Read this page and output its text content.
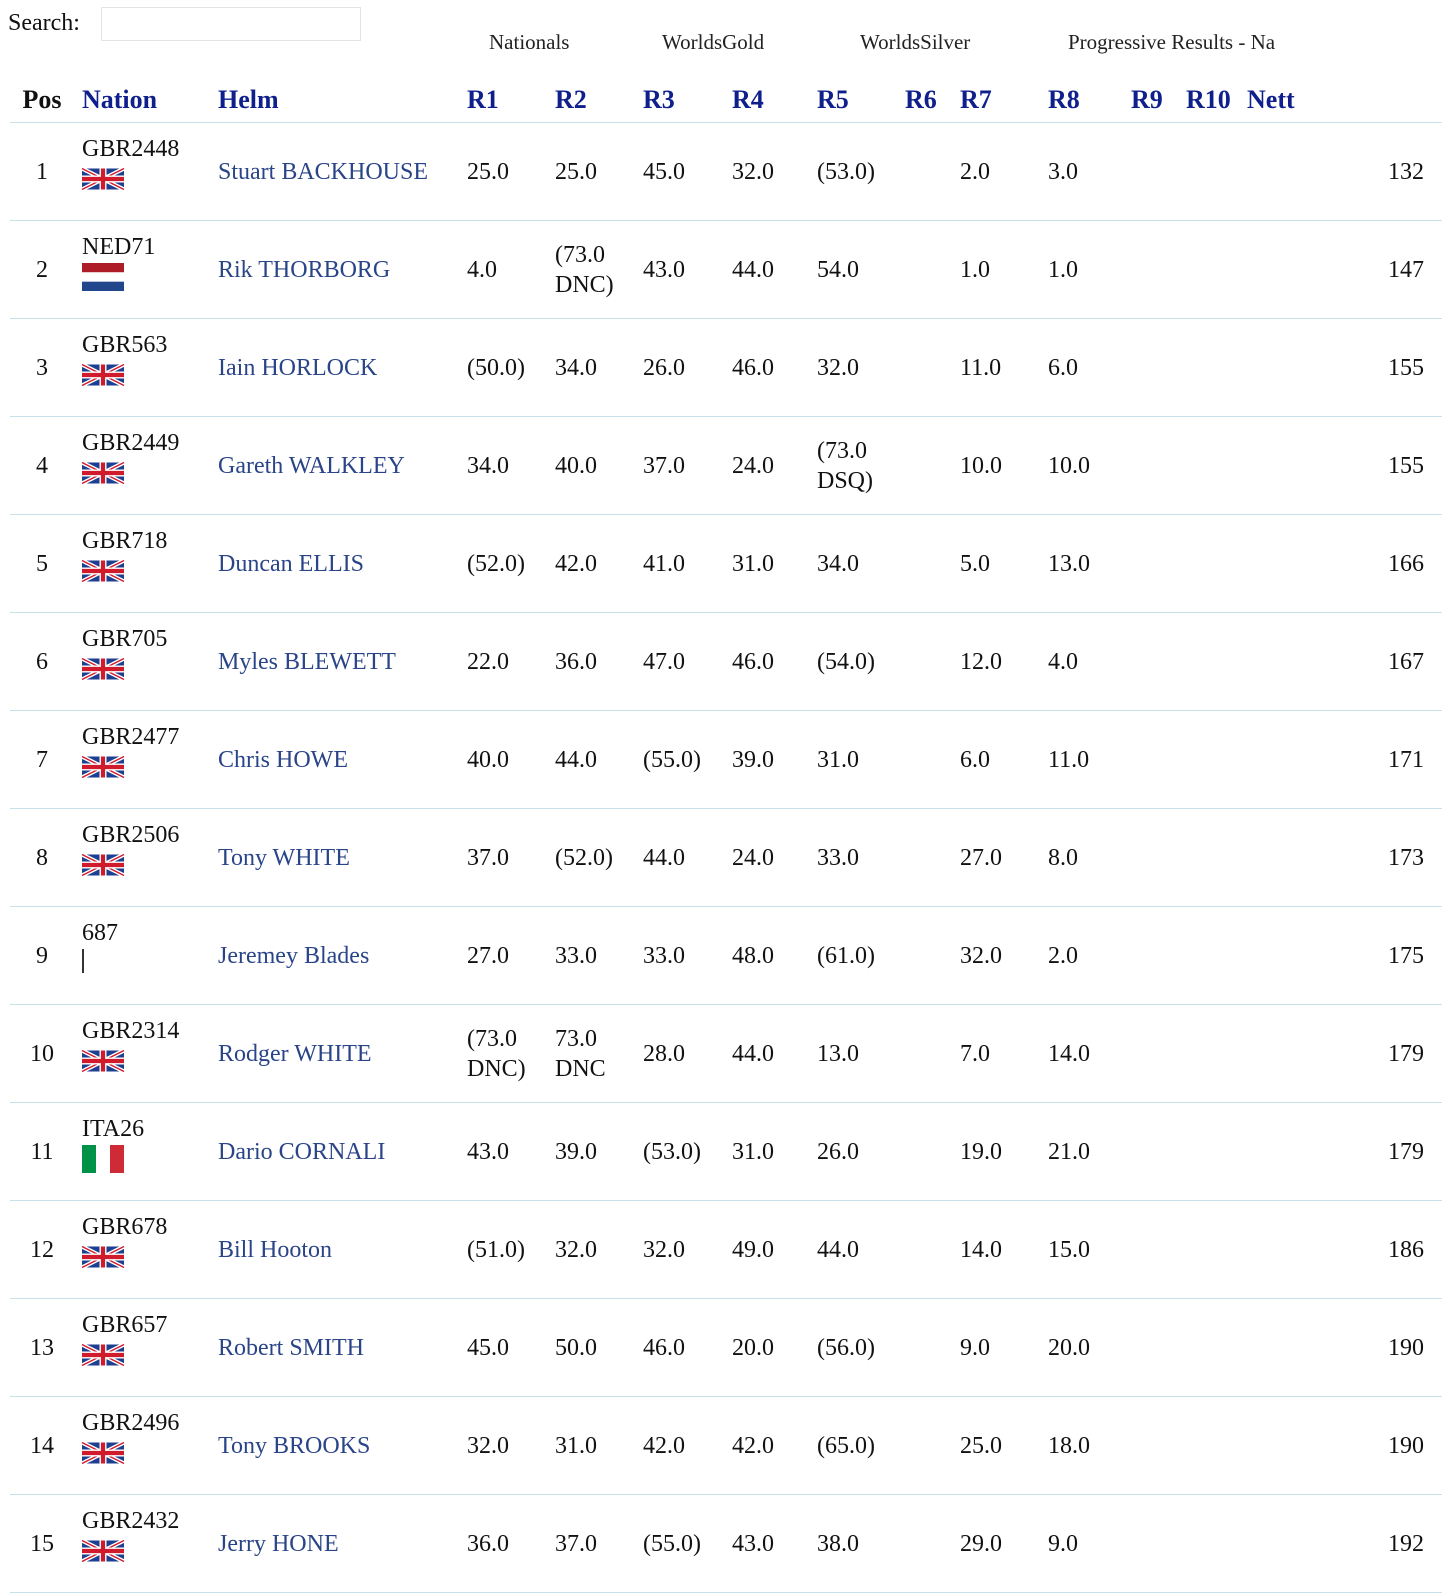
Search:
Nationals	WorldsGold	WorldsSilver	Progressive Results - Na
Pos	Nation	Helm	R1	R2	R3	R4	R5	R6	R7	R8	R9	R10	Nett
1	GBR2448	Stuart BACKHOUSE	25.0	25.0	45.0	32.0	(53.0)		2.0	3.0			132
2	NED71	Rik THORBORG	4.0	(73.0 DNC)	43.0	44.0	54.0		1.0	1.0			147
3	GBR563	Iain HORLOCK	(50.0)	34.0	26.0	46.0	32.0		11.0	6.0			155
4	GBR2449	Gareth WALKLEY	34.0	40.0	37.0	24.0	(73.0 DSQ)		10.0	10.0			155
5	GBR718	Duncan ELLIS	(52.0)	42.0	41.0	31.0	34.0		5.0	13.0			166
6	GBR705	Myles BLEWETT	22.0	36.0	47.0	46.0	(54.0)		12.0	4.0			167
7	GBR2477	Chris HOWE	40.0	44.0	(55.0)	39.0	31.0		6.0	11.0			171
8	GBR2506	Tony WHITE	37.0	(52.0)	44.0	24.0	33.0		27.0	8.0			173
9	687	Jeremey Blades	27.0	33.0	33.0	48.0	(61.0)		32.0	2.0			175
10	GBR2314	Rodger WHITE	(73.0 DNC)	73.0 DNC	28.0	44.0	13.0		7.0	14.0			179
11	ITA26	Dario CORNALI	43.0	39.0	(53.0)	31.0	26.0		19.0	21.0			179
12	GBR678	Bill Hooton	(51.0)	32.0	32.0	49.0	44.0		14.0	15.0			186
13	GBR657	Robert SMITH	45.0	50.0	46.0	20.0	(56.0)		9.0	20.0			190
14	GBR2496	Tony BROOKS	32.0	31.0	42.0	42.0	(65.0)		25.0	18.0			190
15	GBR2432	Jerry HONE	36.0	37.0	(55.0)	43.0	38.0		29.0	9.0			192
